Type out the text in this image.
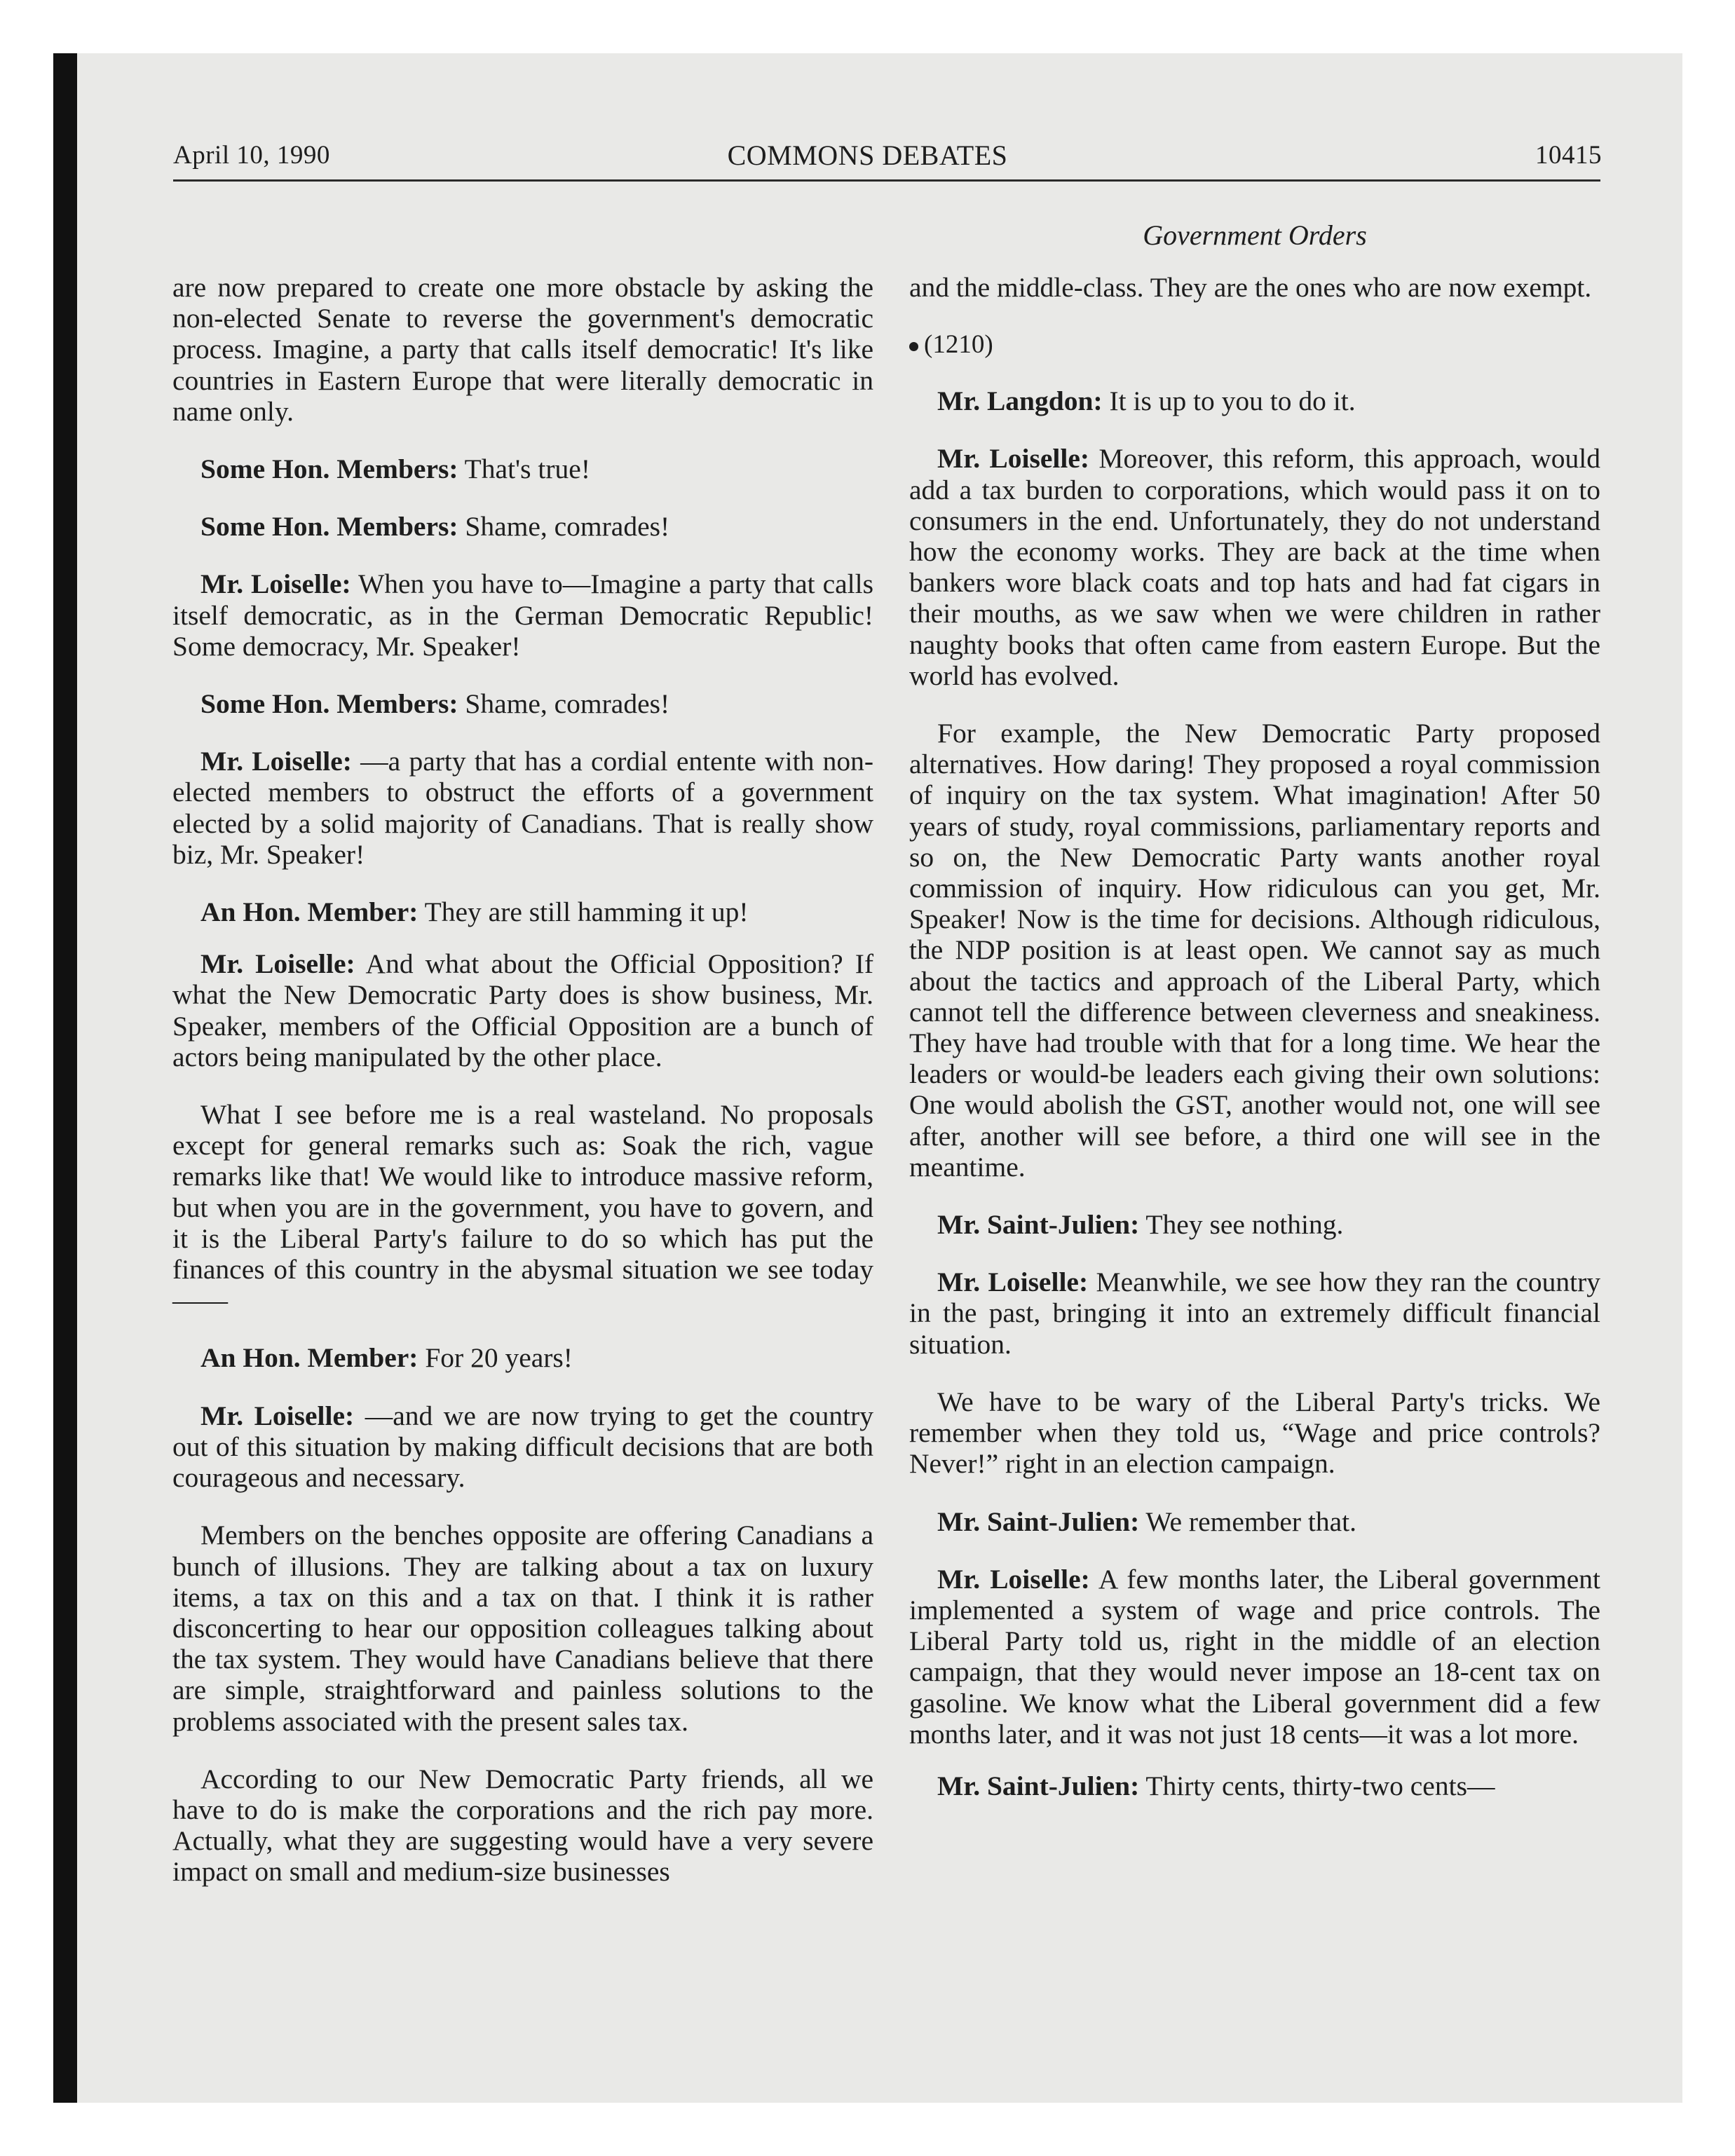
April 10, 1990	COMMONS DEBATES	10415
Government Orders

are now prepared to create one more obstacle by asking the non-elected Senate to reverse the government's democratic process. Imagine, a party that calls itself democratic! It's like countries in Eastern Europe that were literally democratic in name only.

Some Hon. Members: That's true!

Some Hon. Members: Shame, comrades!

Mr. Loiselle: When you have to—Imagine a party that calls itself democratic, as in the German Democratic Republic! Some democracy, Mr. Speaker!

Some Hon. Members: Shame, comrades!

Mr. Loiselle: —a party that has a cordial entente with non-elected members to obstruct the efforts of a government elected by a solid majority of Canadians. That is really show biz, Mr. Speaker!

An Hon. Member: They are still hamming it up!

Mr. Loiselle: And what about the Official Opposition? If what the New Democratic Party does is show business, Mr. Speaker, members of the Official Opposition are a bunch of actors being manipulated by the other place.

What I see before me is a real wasteland. No proposals except for general remarks such as: Soak the rich, vague remarks like that! We would like to introduce massive reform, but when you are in the government, you have to govern, and it is the Liberal Party's failure to do so which has put the finances of this country in the abysmal situation we see today——

An Hon. Member: For 20 years!

Mr. Loiselle: —and we are now trying to get the country out of this situation by making difficult decisions that are both courageous and necessary.

Members on the benches opposite are offering Canadians a bunch of illusions. They are talking about a tax on luxury items, a tax on this and a tax on that. I think it is rather disconcerting to hear our opposition colleagues talking about the tax system. They would have Canadians believe that there are simple, straightforward and painless solutions to the problems associated with the present sales tax.

According to our New Democratic Party friends, all we have to do is make the corporations and the rich pay more. Actually, what they are suggesting would have a very severe impact on small and medium-size businesses

and the middle-class. They are the ones who are now exempt.

(1210)

Mr. Langdon: It is up to you to do it.

Mr. Loiselle: Moreover, this reform, this approach, would add a tax burden to corporations, which would pass it on to consumers in the end. Unfortunately, they do not understand how the economy works. They are back at the time when bankers wore black coats and top hats and had fat cigars in their mouths, as we saw when we were children in rather naughty books that often came from eastern Europe. But the world has evolved.

For example, the New Democratic Party proposed alternatives. How daring! They proposed a royal commission of inquiry on the tax system. What imagination! After 50 years of study, royal commissions, parliamentary reports and so on, the New Democratic Party wants another royal commission of inquiry. How ridiculous can you get, Mr. Speaker! Now is the time for decisions. Although ridiculous, the NDP position is at least open. We cannot say as much about the tactics and approach of the Liberal Party, which cannot tell the difference between cleverness and sneakiness. They have had trouble with that for a long time. We hear the leaders or would-be leaders each giving their own solutions: One would abolish the GST, another would not, one will see after, another will see before, a third one will see in the meantime.

Mr. Saint-Julien: They see nothing.

Mr. Loiselle: Meanwhile, we see how they ran the country in the past, bringing it into an extremely difficult financial situation.

We have to be wary of the Liberal Party's tricks. We remember when they told us, “Wage and price controls? Never!” right in an election campaign.

Mr. Saint-Julien: We remember that.

Mr. Loiselle: A few months later, the Liberal government implemented a system of wage and price controls. The Liberal Party told us, right in the middle of an election campaign, that they would never impose an 18-cent tax on gasoline. We know what the Liberal government did a few months later, and it was not just 18 cents—it was a lot more.

Mr. Saint-Julien: Thirty cents, thirty-two cents—
